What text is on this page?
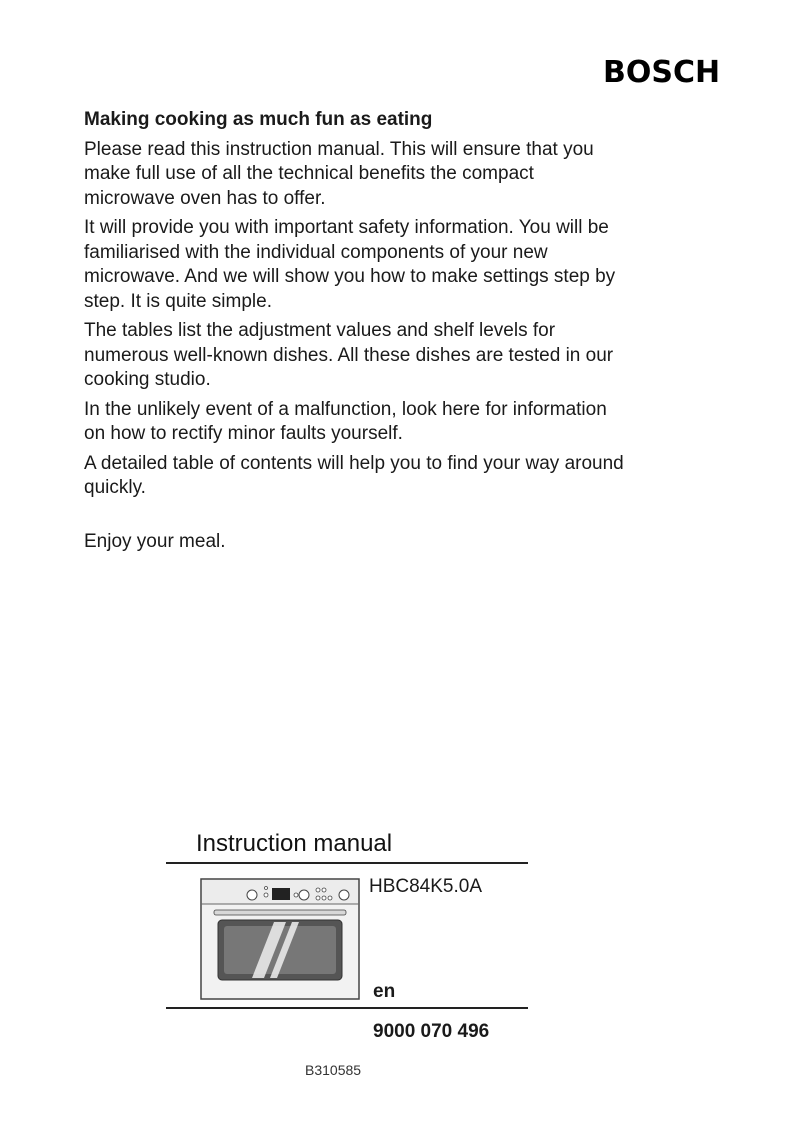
BOSCH
Making cooking as much fun as eating

Please read this instruction manual. This will ensure that you make full use of all the technical benefits the compact microwave oven has to offer.

It will provide you with important safety information. You will be familiarised with the individual components of your new microwave. And we will show you how to make settings step by step. It is quite simple.

The tables list the adjustment values and shelf levels for numerous well-known dishes. All these dishes are tested in our cooking studio.

In the unlikely event of a malfunction, look here for information on how to rectify minor faults yourself.

A detailed table of contents will help you to find your way around quickly.

Enjoy your meal.

Instruction manual
HBC84K5.0A
en
9000 070 496
B310585
